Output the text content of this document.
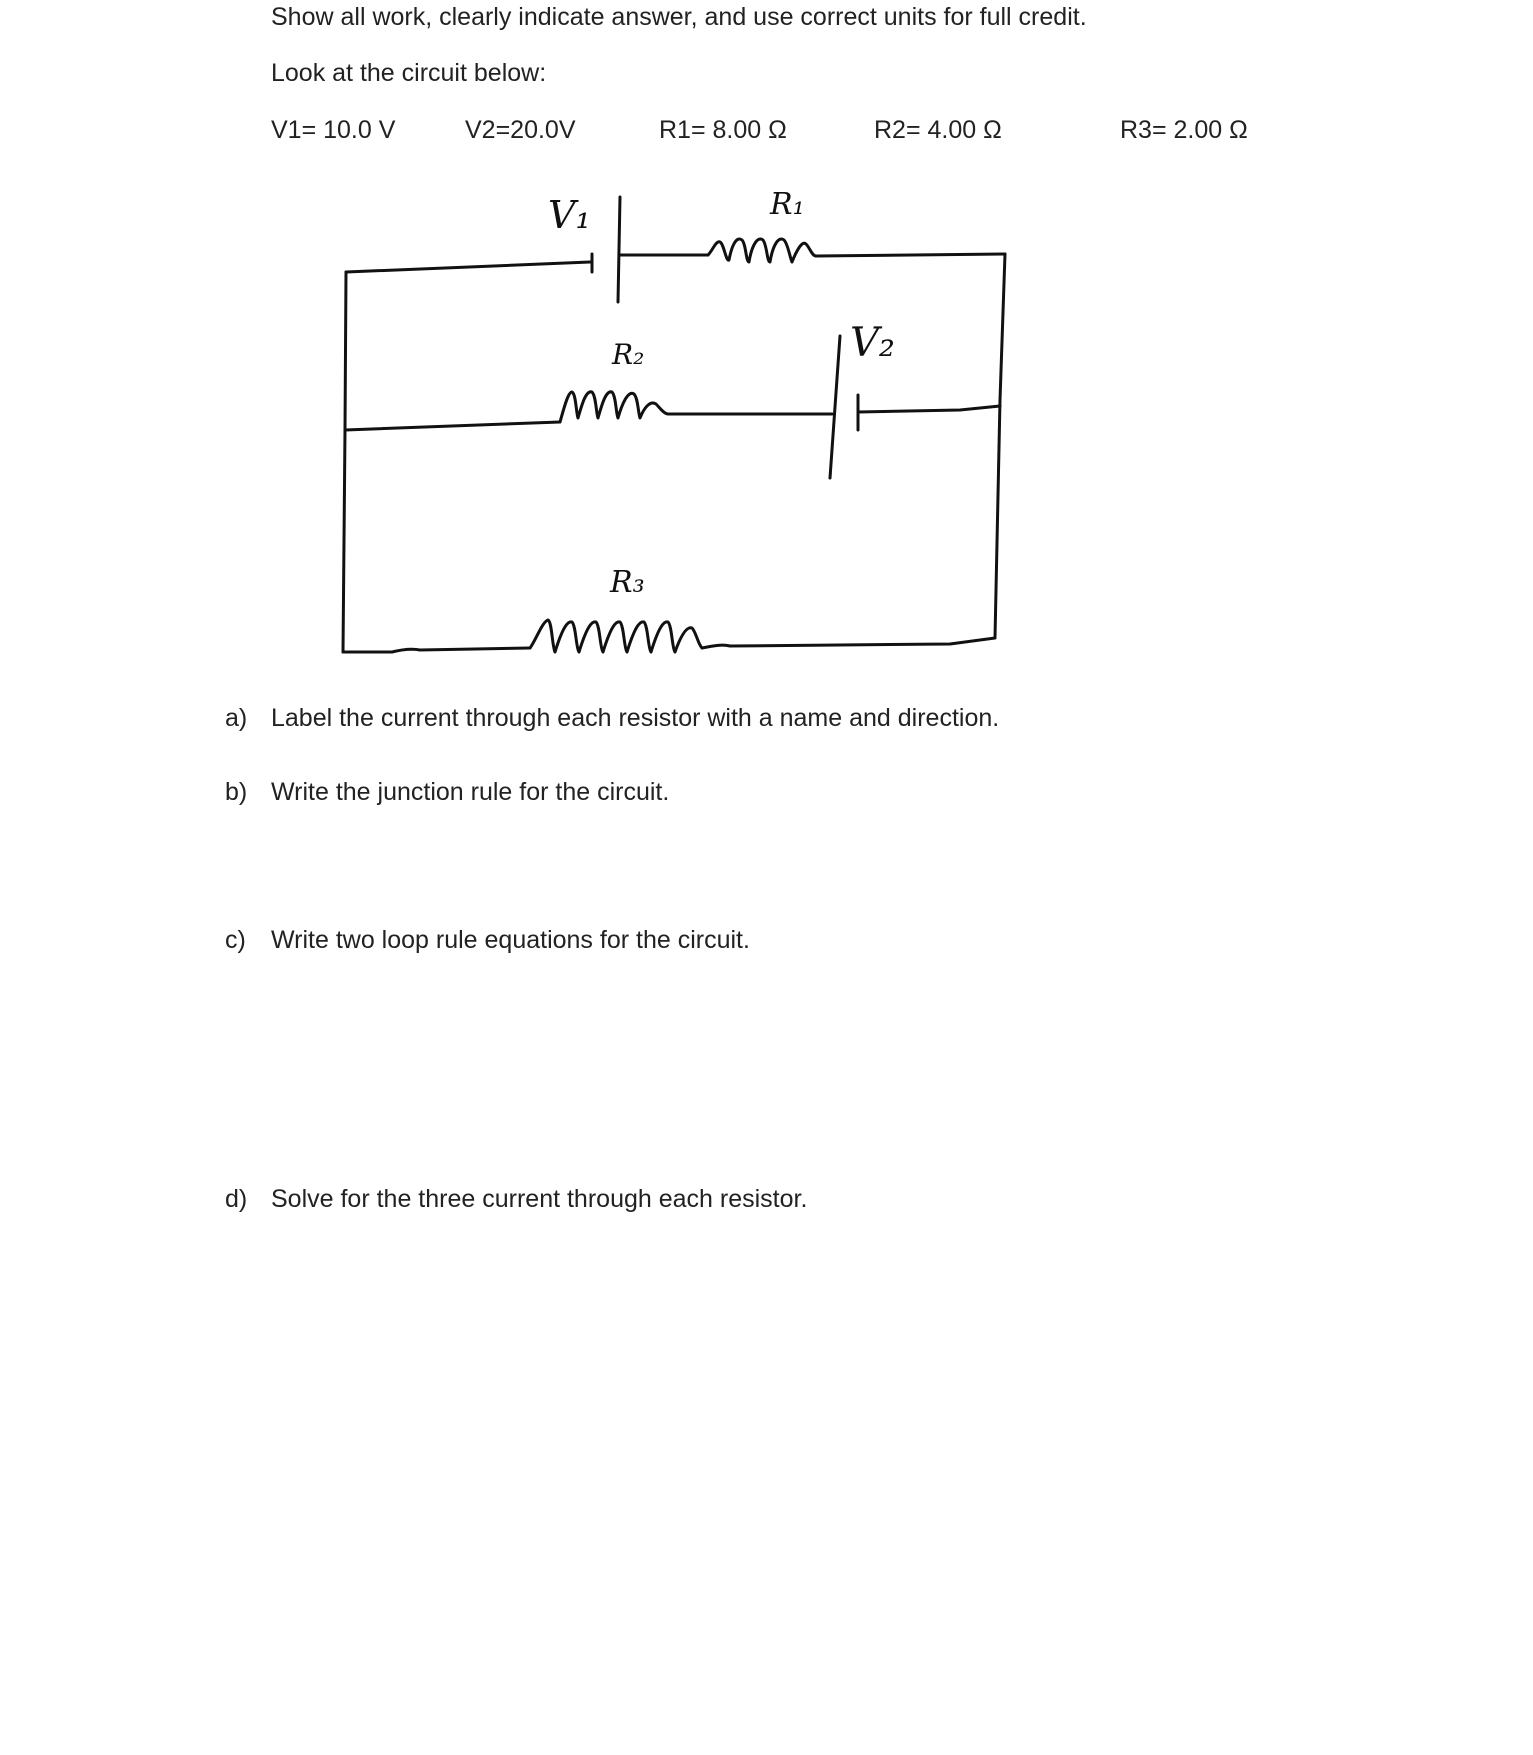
Show all work, clearly indicate answer, and use correct units for full credit.
Look at the circuit below:
V1= 10.0 V	V2=20.0V	R1= 8.00 Ω	R2= 4.00 Ω	R3= 2.00 Ω
V₁	R₁
V₂
R₂
R₃
a) Label the current through each resistor with a name and direction.
b) Write the junction rule for the circuit.
c) Write two loop rule equations for the circuit.
d) Solve for the three current through each resistor.
